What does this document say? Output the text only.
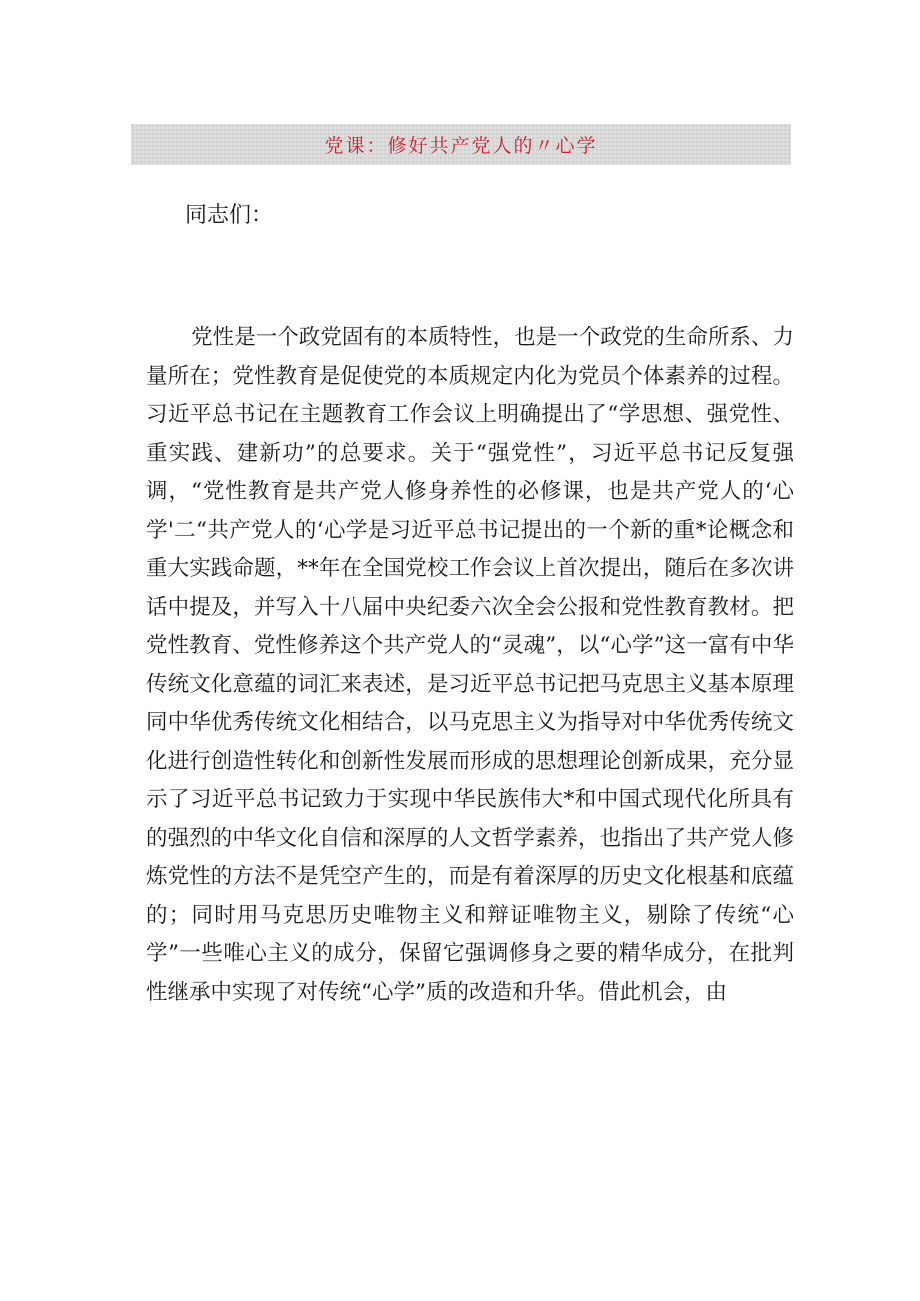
党课：修好共产党人的〃心学
同志们：

党性是一个政党固有的本质特性，也是一个政党的生命所系、力量所在；党性教育是促使党的本质规定内化为党员个体素养的过程。习近平总书记在主题教育工作会议上明确提出了“学思想、强党性、重实践、建新功”的总要求。关于“强党性”，习近平总书记反复强调，“党性教育是共产党人修身养性的必修课，也是共产党人的‘心学'二“共产党人的‘心学是习近平总书记提出的一个新的重*论概念和重大实践命题，**年在全国党校工作会议上首次提出，随后在多次讲话中提及，并写入十八届中央纪委六次全会公报和党性教育教材。把党性教育、党性修养这个共产党人的“灵魂”，以“心学”这一富有中华传统文化意蕴的词汇来表述，是习近平总书记把马克思主义基本原理同中华优秀传统文化相结合，以马克思主义为指导对中华优秀传统文化进行创造性转化和创新性发展而形成的思想理论创新成果，充分显示了习近平总书记致力于实现中华民族伟大*和中国式现代化所具有的强烈的中华文化自信和深厚的人文哲学素养，也指出了共产党人修炼党性的方法不是凭空产生的，而是有着深厚的历史文化根基和底蕴的；同时用马克思历史唯物主义和辩证唯物主义，剔除了传统“心学”一些唯心主义的成分，保留它强调修身之要的精华成分，在批判性继承中实现了对传统“心学”质的改造和升华。借此机会，由
